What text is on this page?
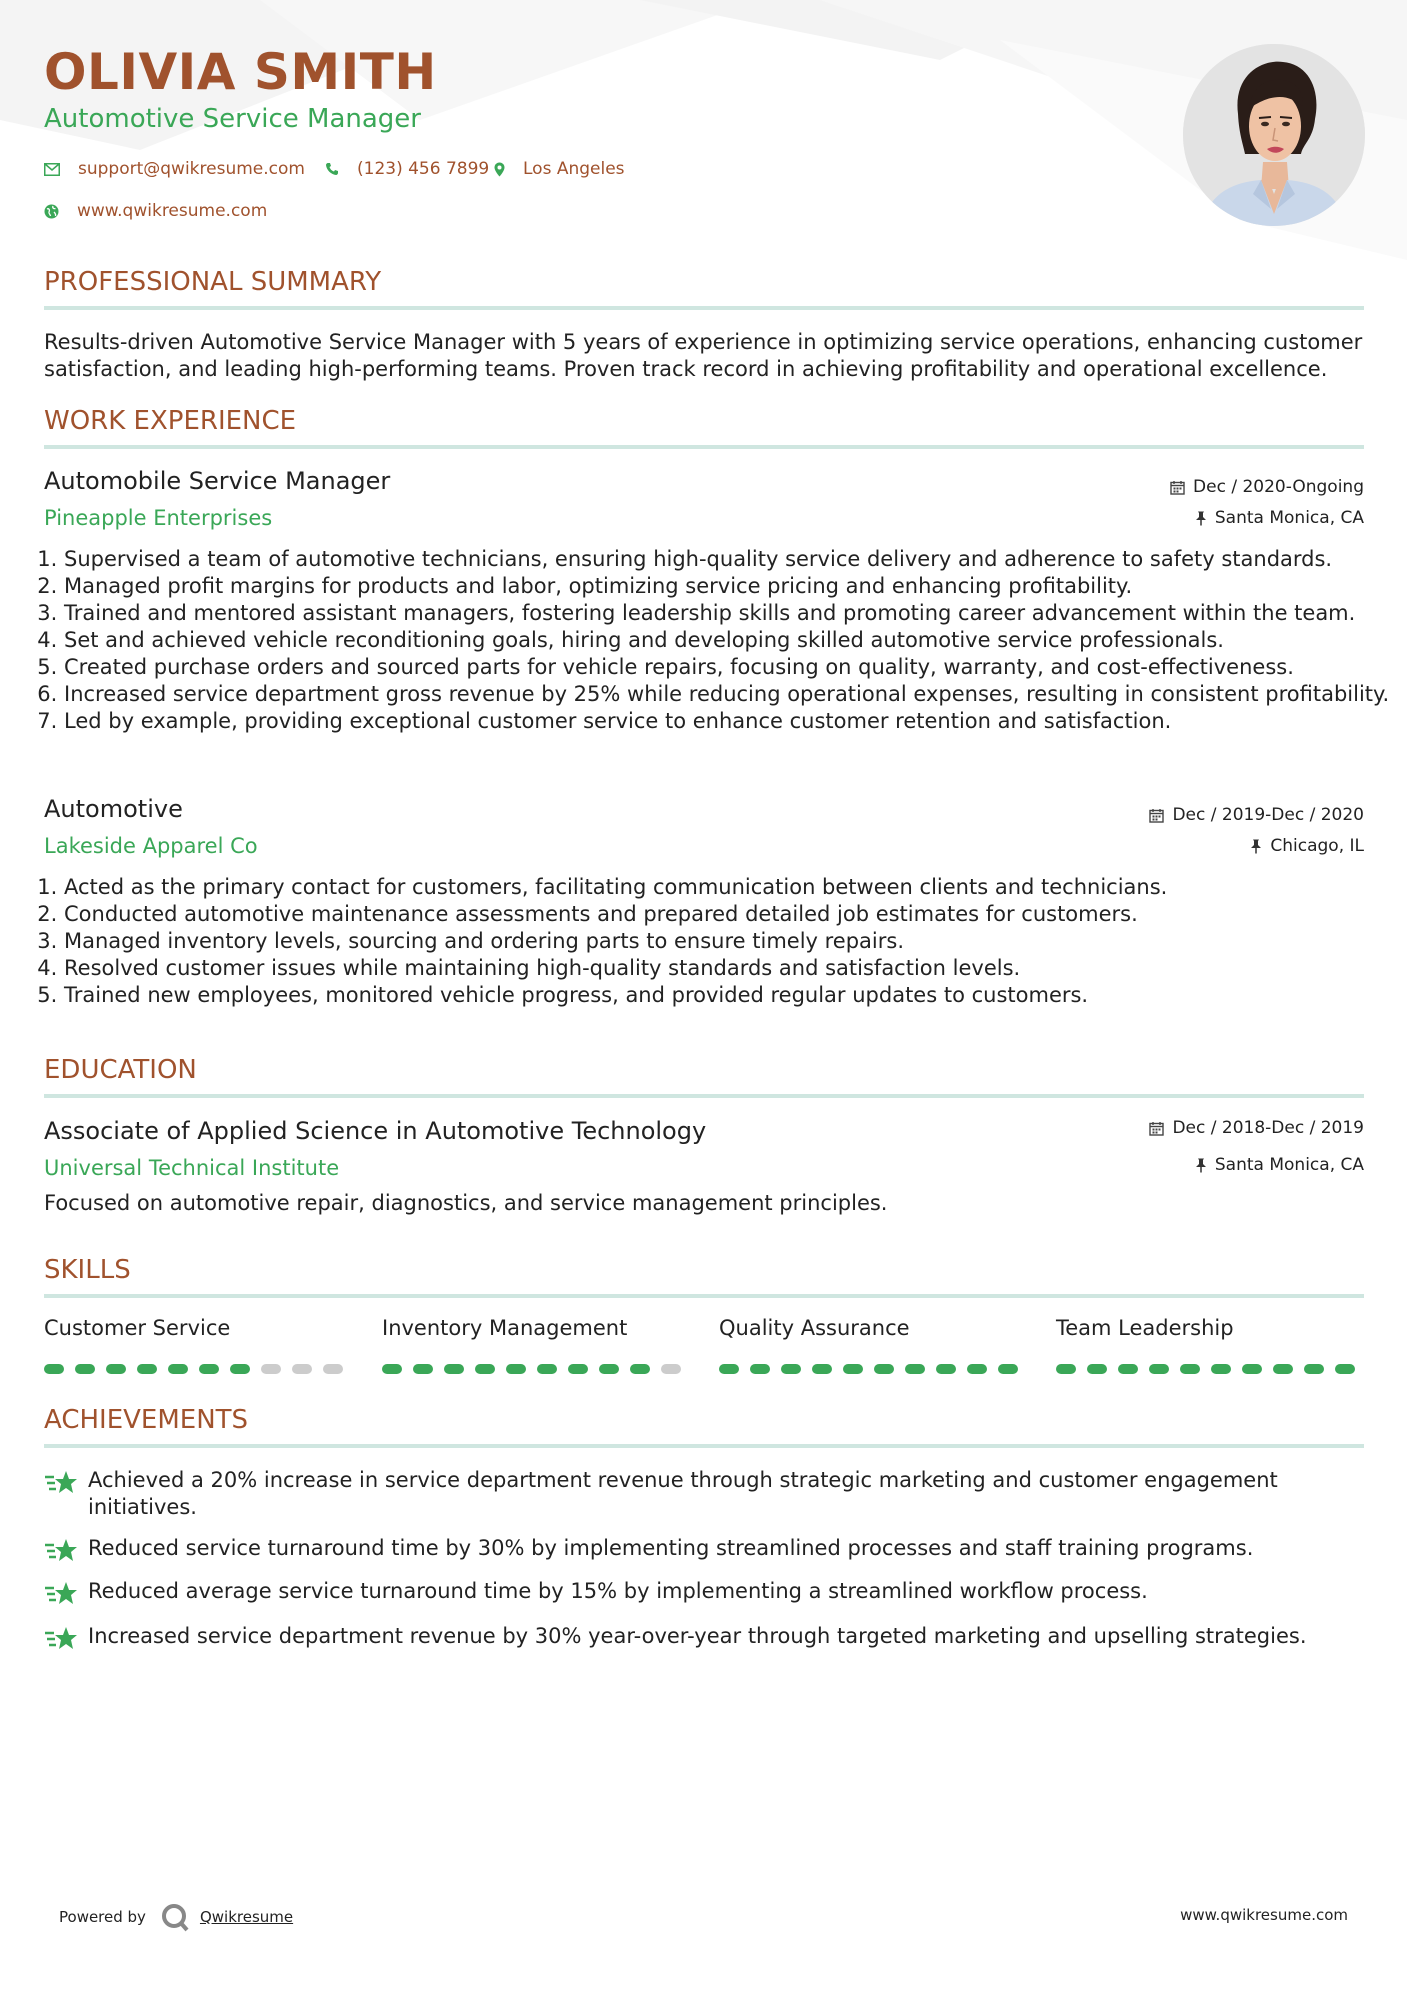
OLIVIA SMITH
Automotive Service Manager
support@qwikresume.com	(123) 456 7899 Los Angeles
www.qwikresume.com
PROFESSIONAL SUMMARY

Results-driven Automotive Service Manager with 5 years of experience in optimizing service operations, enhancing customer satisfaction, and leading high-performing teams. Proven track record in achieving profitability and operational excellence.

WORK EXPERIENCE
Automobile Service Manager
Pineapple Enterprises
Dec / 2020-Ongoing
Santa Monica, CA
1. Supervised a team of automotive technicians, ensuring high-quality service delivery and adherence to safety standards.
2. Managed profit margins for products and labor, optimizing service pricing and enhancing profitability.
3. Trained and mentored assistant managers, fostering leadership skills and promoting career advancement within the team.
4. Set and achieved vehicle reconditioning goals, hiring and developing skilled automotive service professionals.
5. Created purchase orders and sourced parts for vehicle repairs, focusing on quality, warranty, and cost-effectiveness.
6. Increased service department gross revenue by 25% while reducing operational expenses, resulting in consistent profitability.
7. Led by example, providing exceptional customer service to enhance customer retention and satisfaction.
Automotive
Lakeside Apparel Co
Dec / 2019-Dec / 2020
Chicago, IL
1. Acted as the primary contact for customers, facilitating communication between clients and technicians.
2. Conducted automotive maintenance assessments and prepared detailed job estimates for customers.
3. Managed inventory levels, sourcing and ordering parts to ensure timely repairs.
4. Resolved customer issues while maintaining high-quality standards and satisfaction levels.
5. Trained new employees, monitored vehicle progress, and provided regular updates to customers.
EDUCATION
Associate of Applied Science in Automotive Technology
Universal Technical Institute
Dec / 2018-Dec / 2019
Santa Monica, CA

Focused on automotive repair, diagnostics, and service management principles.

SKILLS
Customer Service	Inventory Management	Quality Assurance	Team Leadership
ACHIEVEMENTS
Achieved a 20% increase in service department revenue through strategic marketing and customer engagement initiatives.
Reduced service turnaround time by 30% by implementing streamlined processes and staff training programs.
Reduced average service turnaround time by 15% by implementing a streamlined workflow process.
Increased service department revenue by 30% year-over-year through targeted marketing and upselling strategies.
Powered by	Qwikresume	www.qwikresume.com
